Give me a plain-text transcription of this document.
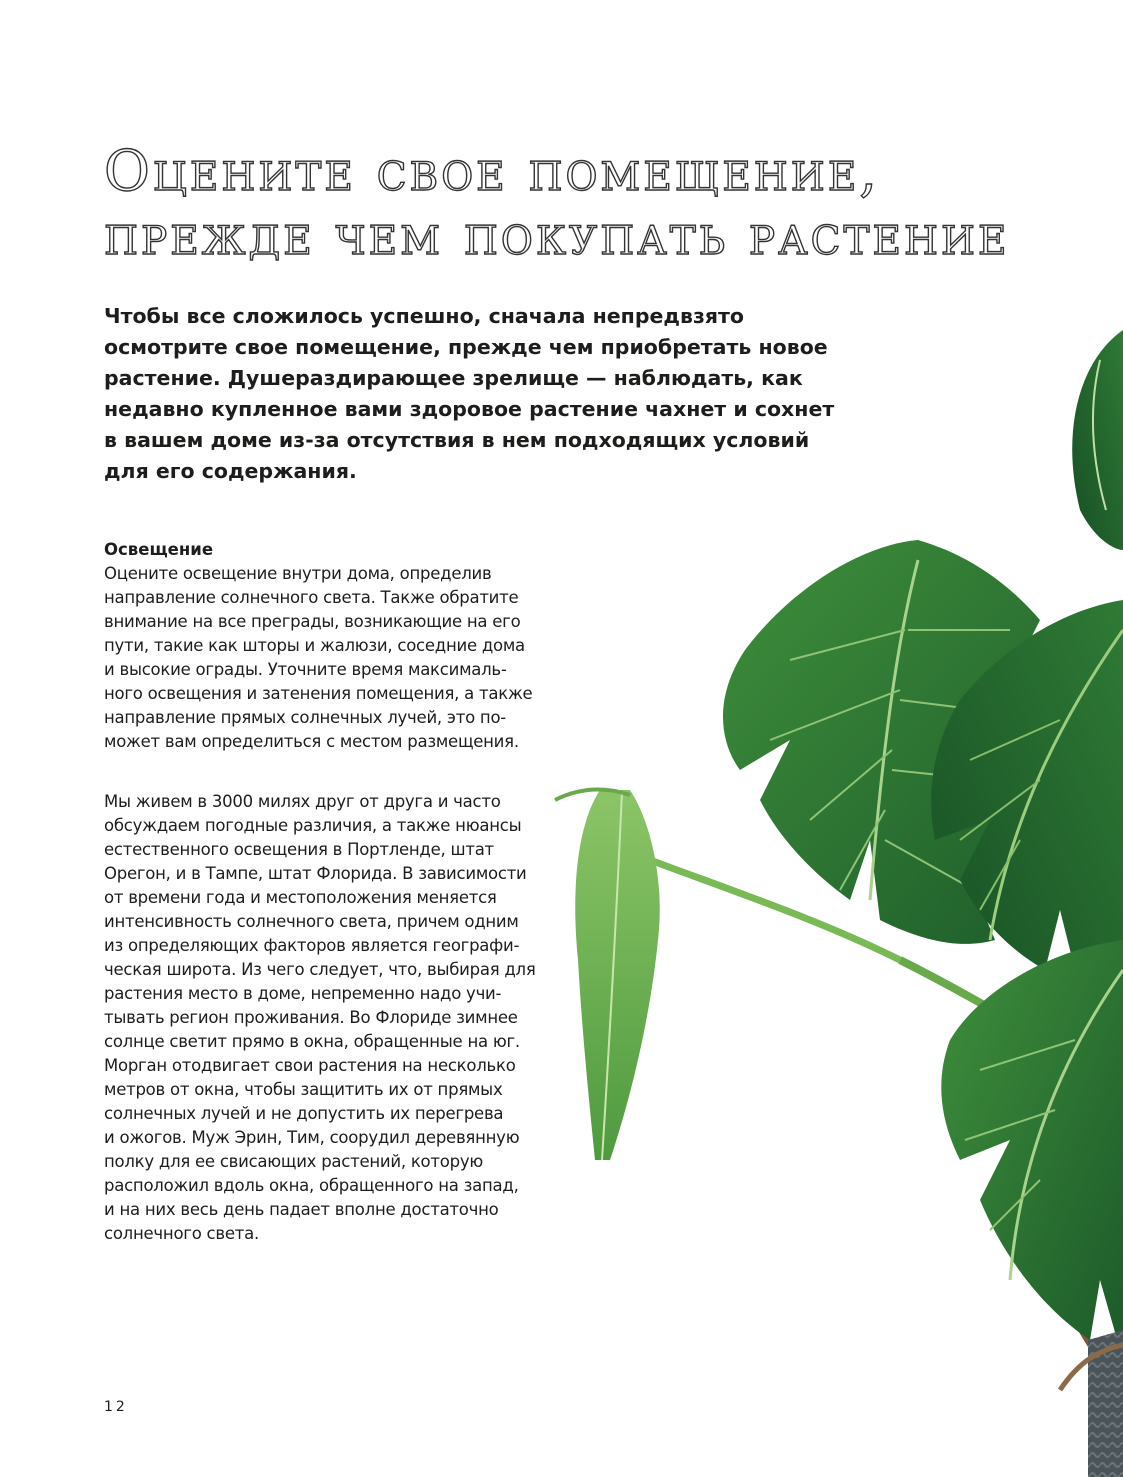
Оцените свое помещение,
прежде чем покупать растение

Чтобы все сложилось успешно, сначала непредвзято
осмотрите свое помещение, прежде чем приобретать новое
растение. Душераздирающее зрелище — наблюдать, как
недавно купленное вами здоровое растение чахнет и сохнет
в вашем доме из-за отсутствия в нем подходящих условий
для его содержания.

Освещение

Оцените освещение внутри дома, определив
направление солнечного света. Также обратите
внимание на все преграды, возникающие на его
пути, такие как шторы и жалюзи, соседние дома
и высокие ограды. Уточните время максималь-
ного освещения и затенения помещения, а также
направление прямых солнечных лучей, это по-
может вам определиться с местом размещения.

Мы живем в 3000 милях друг от друга и часто
обсуждаем погодные различия, а также нюансы
естественного освещения в Портленде, штат
Орегон, и в Тампе, штат Флорида. В зависимости
от времени года и местоположения меняется
интенсивность солнечного света, причем одним
из определяющих факторов является географи-
ческая широта. Из чего следует, что, выбирая для
растения место в доме, непременно надо учи-
тывать регион проживания. Во Флориде зимнее
солнце светит прямо в окна, обращенные на юг.
Морган отодвигает свои растения на несколько
метров от окна, чтобы защитить их от прямых
солнечных лучей и не допустить их перегрева
и ожогов. Муж Эрин, Тим, соорудил деревянную
полку для ее свисающих растений, которую
расположил вдоль окна, обращенного на запад,
и на них весь день падает вполне достаточно
солнечного света.

12
